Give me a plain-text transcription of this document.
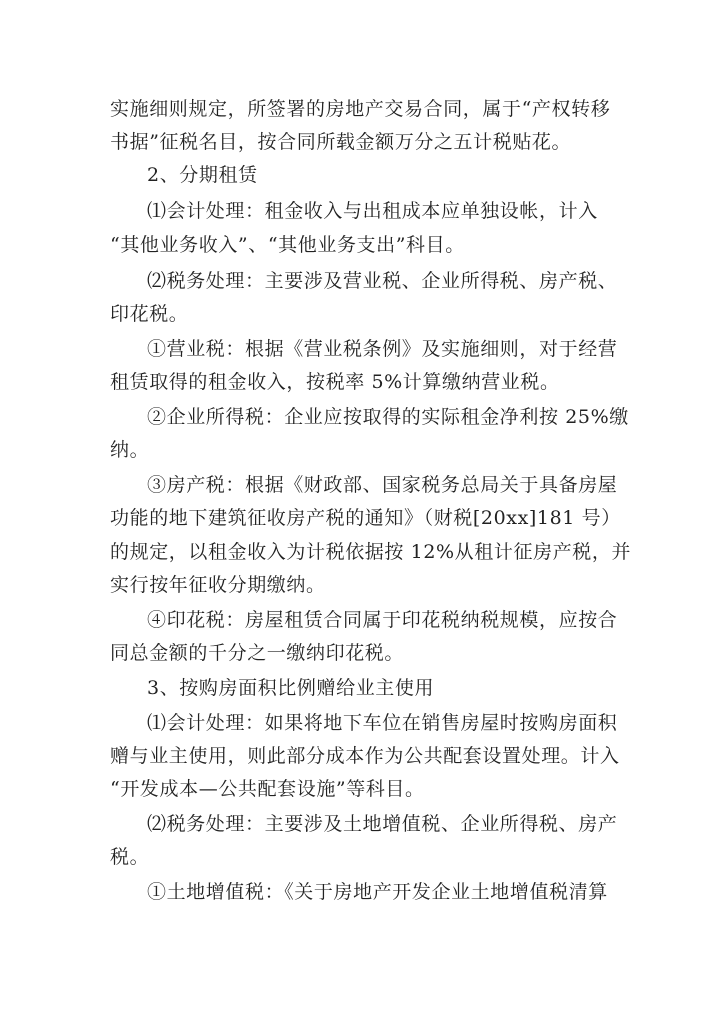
实施细则规定，所签署的房地产交易合同，属于“产权转移
书据”征税名目，按合同所载金额万分之五计税贴花。
2、分期租赁
⑴会计处理：租金收入与出租成本应单独设帐，计入
“其他业务收入”、“其他业务支出”科目。
⑵税务处理：主要涉及营业税、企业所得税、房产税、
印花税。
①营业税：根据《营业税条例》及实施细则，对于经营
租赁取得的租金收入，按税率 5%计算缴纳营业税。
②企业所得税：企业应按取得的实际租金净利按 25%缴
纳。
③房产税：根据《财政部、国家税务总局关于具备房屋
功能的地下建筑征收房产税的通知》（财税[20xx]181 号）
的规定，以租金收入为计税依据按 12%从租计征房产税，并
实行按年征收分期缴纳。
④印花税：房屋租赁合同属于印花税纳税规模，应按合
同总金额的千分之一缴纳印花税。
3、按购房面积比例赠给业主使用
⑴会计处理：如果将地下车位在销售房屋时按购房面积
赠与业主使用，则此部分成本作为公共配套设置处理。计入
“开发成本—公共配套设施”等科目。
⑵税务处理：主要涉及土地增值税、企业所得税、房产
税。
①土地增值税：《关于房地产开发企业土地增值税清算
